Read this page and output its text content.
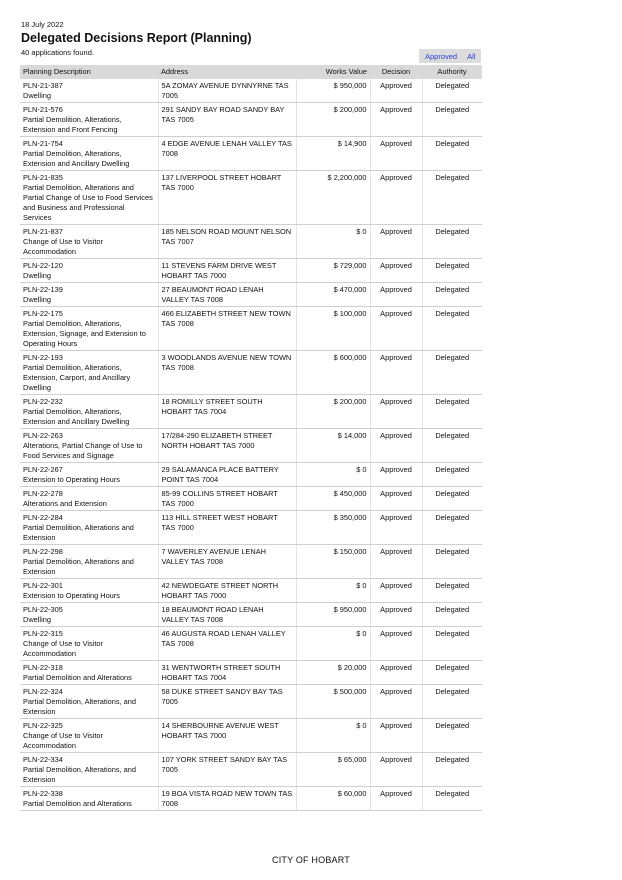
18 July 2022
Delegated Decisions Report (Planning)
40 applications found.	Approved All
Planning Description	Address	Works Value	Decision	Authority

PLN-21-387
Dwelling	5A ZOMAY AVENUE DYNNYRNE TAS 7005	$ 950,000	Approved	Delegated

PLN-21-576
Partial Demolition, Alterations, Extension and Front Fencing	291 SANDY BAY ROAD SANDY BAY TAS 7005	$ 200,000	Approved	Delegated

PLN-21-754
Partial Demolition, Alterations, Extension and Ancillary Dwelling	4 EDGE AVENUE LENAH VALLEY TAS 7008	$ 14,900	Approved	Delegated

PLN-21-835
Partial Demolition, Alterations and Partial Change of Use to Food Services and Business and Professional Services	137 LIVERPOOL STREET HOBART TAS 7000	$ 2,200,000	Approved	Delegated

PLN-21-837
Change of Use to Visitor Accommodation	185 NELSON ROAD MOUNT NELSON TAS 7007	$ 0	Approved	Delegated

PLN-22-120
Dwelling	11 STEVENS FARM DRIVE WEST HOBART TAS 7000	$ 729,000	Approved	Delegated

PLN-22-139
Dwelling	27 BEAUMONT ROAD LENAH VALLEY TAS 7008	$ 470,000	Approved	Delegated

PLN-22-175
Partial Demolition, Alterations, Extension, Signage, and Extension to Operating Hours	466 ELIZABETH STREET NEW TOWN TAS 7008	$ 100,000	Approved	Delegated

PLN-22-193
Partial Demolition, Alterations, Extension, Carport, and Ancillary Dwelling	3 WOODLANDS AVENUE NEW TOWN TAS 7008	$ 600,000	Approved	Delegated

PLN-22-232
Partial Demolition, Alterations, Extension and Ancillary Dwelling	18 ROMILLY STREET SOUTH HOBART TAS 7004	$ 200,000	Approved	Delegated

PLN-22-263
Alterations, Partial Change of Use to Food Services and Signage	17/284-290 ELIZABETH STREET NORTH HOBART TAS 7000	$ 14,000	Approved	Delegated

PLN-22-267
Extension to Operating Hours	29 SALAMANCA PLACE BATTERY POINT TAS 7004	$ 0	Approved	Delegated

PLN-22-278
Alterations and Extension	85-99 COLLINS STREET HOBART TAS 7000	$ 450,000	Approved	Delegated

PLN-22-284
Partial Demolition, Alterations and Extension	113 HILL STREET WEST HOBART TAS 7000	$ 350,000	Approved	Delegated

PLN-22-298
Partial Demolition, Alterations and Extension	7 WAVERLEY AVENUE LENAH VALLEY TAS 7008	$ 150,000	Approved	Delegated

PLN-22-301
Extension to Operating Hours	42 NEWDEGATE STREET NORTH HOBART TAS 7000	$ 0	Approved	Delegated

PLN-22-305
Dwelling	18 BEAUMONT ROAD LENAH VALLEY TAS 7008	$ 950,000	Approved	Delegated

PLN-22-315
Change of Use to Visitor Accommodation	46 AUGUSTA ROAD LENAH VALLEY TAS 7008	$ 0	Approved	Delegated

PLN-22-318
Partial Demolition and Alterations	31 WENTWORTH STREET SOUTH HOBART TAS 7004	$ 20,000	Approved	Delegated

PLN-22-324
Partial Demolition, Alterations, and Extension	58 DUKE STREET SANDY BAY TAS 7005	$ 500,000	Approved	Delegated

PLN-22-325
Change of Use to Visitor Accommodation	14 SHERBOURNE AVENUE WEST HOBART TAS 7000	$ 0	Approved	Delegated

PLN-22-334
Partial Demolition, Alterations, and Extension	107 YORK STREET SANDY BAY TAS 7005	$ 65,000	Approved	Delegated

PLN-22-338
Partial Demolition and Alterations	19 BOA VISTA ROAD NEW TOWN TAS 7008	$ 60,000	Approved	Delegated
CITY OF HOBART
